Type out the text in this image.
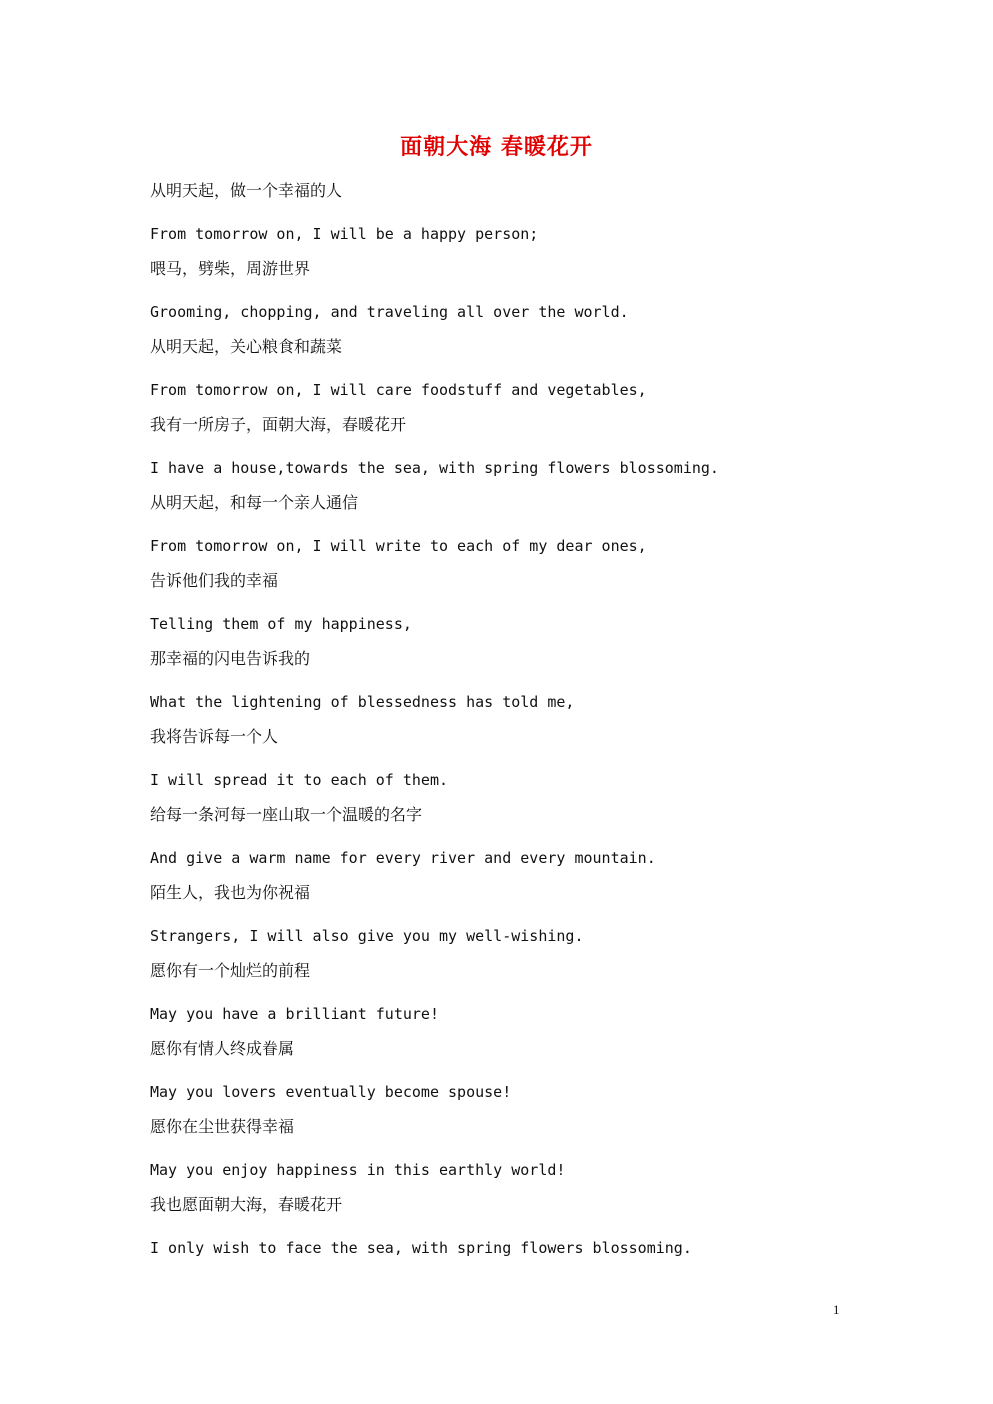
面朝大海 春暖花开
从明天起，做一个幸福的人
From tomorrow on, I will be a happy person;
喂马，劈柴，周游世界
Grooming, chopping, and traveling all over the world.
从明天起，关心粮食和蔬菜
From tomorrow on, I will care foodstuff and vegetables,
我有一所房子，面朝大海，春暖花开
I have a house,towards the sea, with spring flowers blossoming.
从明天起，和每一个亲人通信
From tomorrow on, I will write to each of my dear ones,
告诉他们我的幸福
Telling them of my happiness,
那幸福的闪电告诉我的
What the lightening of blessedness has told me,
我将告诉每一个人
I will spread it to each of them.
给每一条河每一座山取一个温暖的名字
And give a warm name for every river and every mountain.
陌生人，我也为你祝福
Strangers, I will also give you my well-wishing.
愿你有一个灿烂的前程
May you have a brilliant future!
愿你有情人终成眷属
May you lovers eventually become spouse!
愿你在尘世获得幸福
May you enjoy happiness in this earthly world!
我也愿面朝大海，春暖花开
I only wish to face the sea, with spring flowers blossoming.
1
